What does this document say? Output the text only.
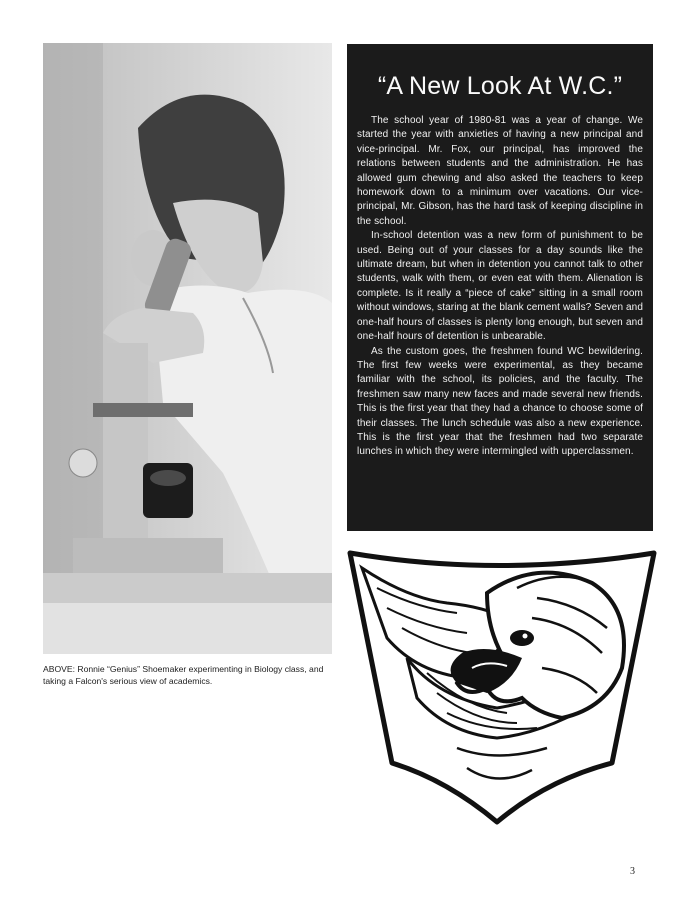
ABOVE: Ronnie “Genius” Shoemaker experimenting in Biology class, and taking a Falcon's serious view of academics.
“A New Look At W.C.”

The school year of 1980-81 was a year of change. We started the year with anxieties of having a new principal and vice-principal. Mr. Fox, our principal, has improved the relations between students and the administration. He has allowed gum chewing and also asked the teachers to keep homework down to a minimum over vacations. Our vice-principal, Mr. Gibson, has the hard task of keeping discipline in the school.

In-school detention was a new form of punishment to be used. Being out of your classes for a day sounds like the ultimate dream, but when in detention you cannot talk to other students, walk with them, or even eat with them. Alienation is complete. Is it really a “piece of cake” sitting in a small room without windows, staring at the blank cement walls? Seven and one-half hours of classes is plenty long enough, but seven and one-half hours of detention is unbearable.

As the custom goes, the freshmen found WC bewildering. The first few weeks were experimental, as they became familiar with the school, its policies, and the faculty. The freshmen saw many new faces and made several new friends. This is the first year that they had a chance to choose some of their classes. The lunch schedule was also a new experience. This is the first year that the freshmen had two separate lunches in which they were intermingled with upperclassmen.

3
